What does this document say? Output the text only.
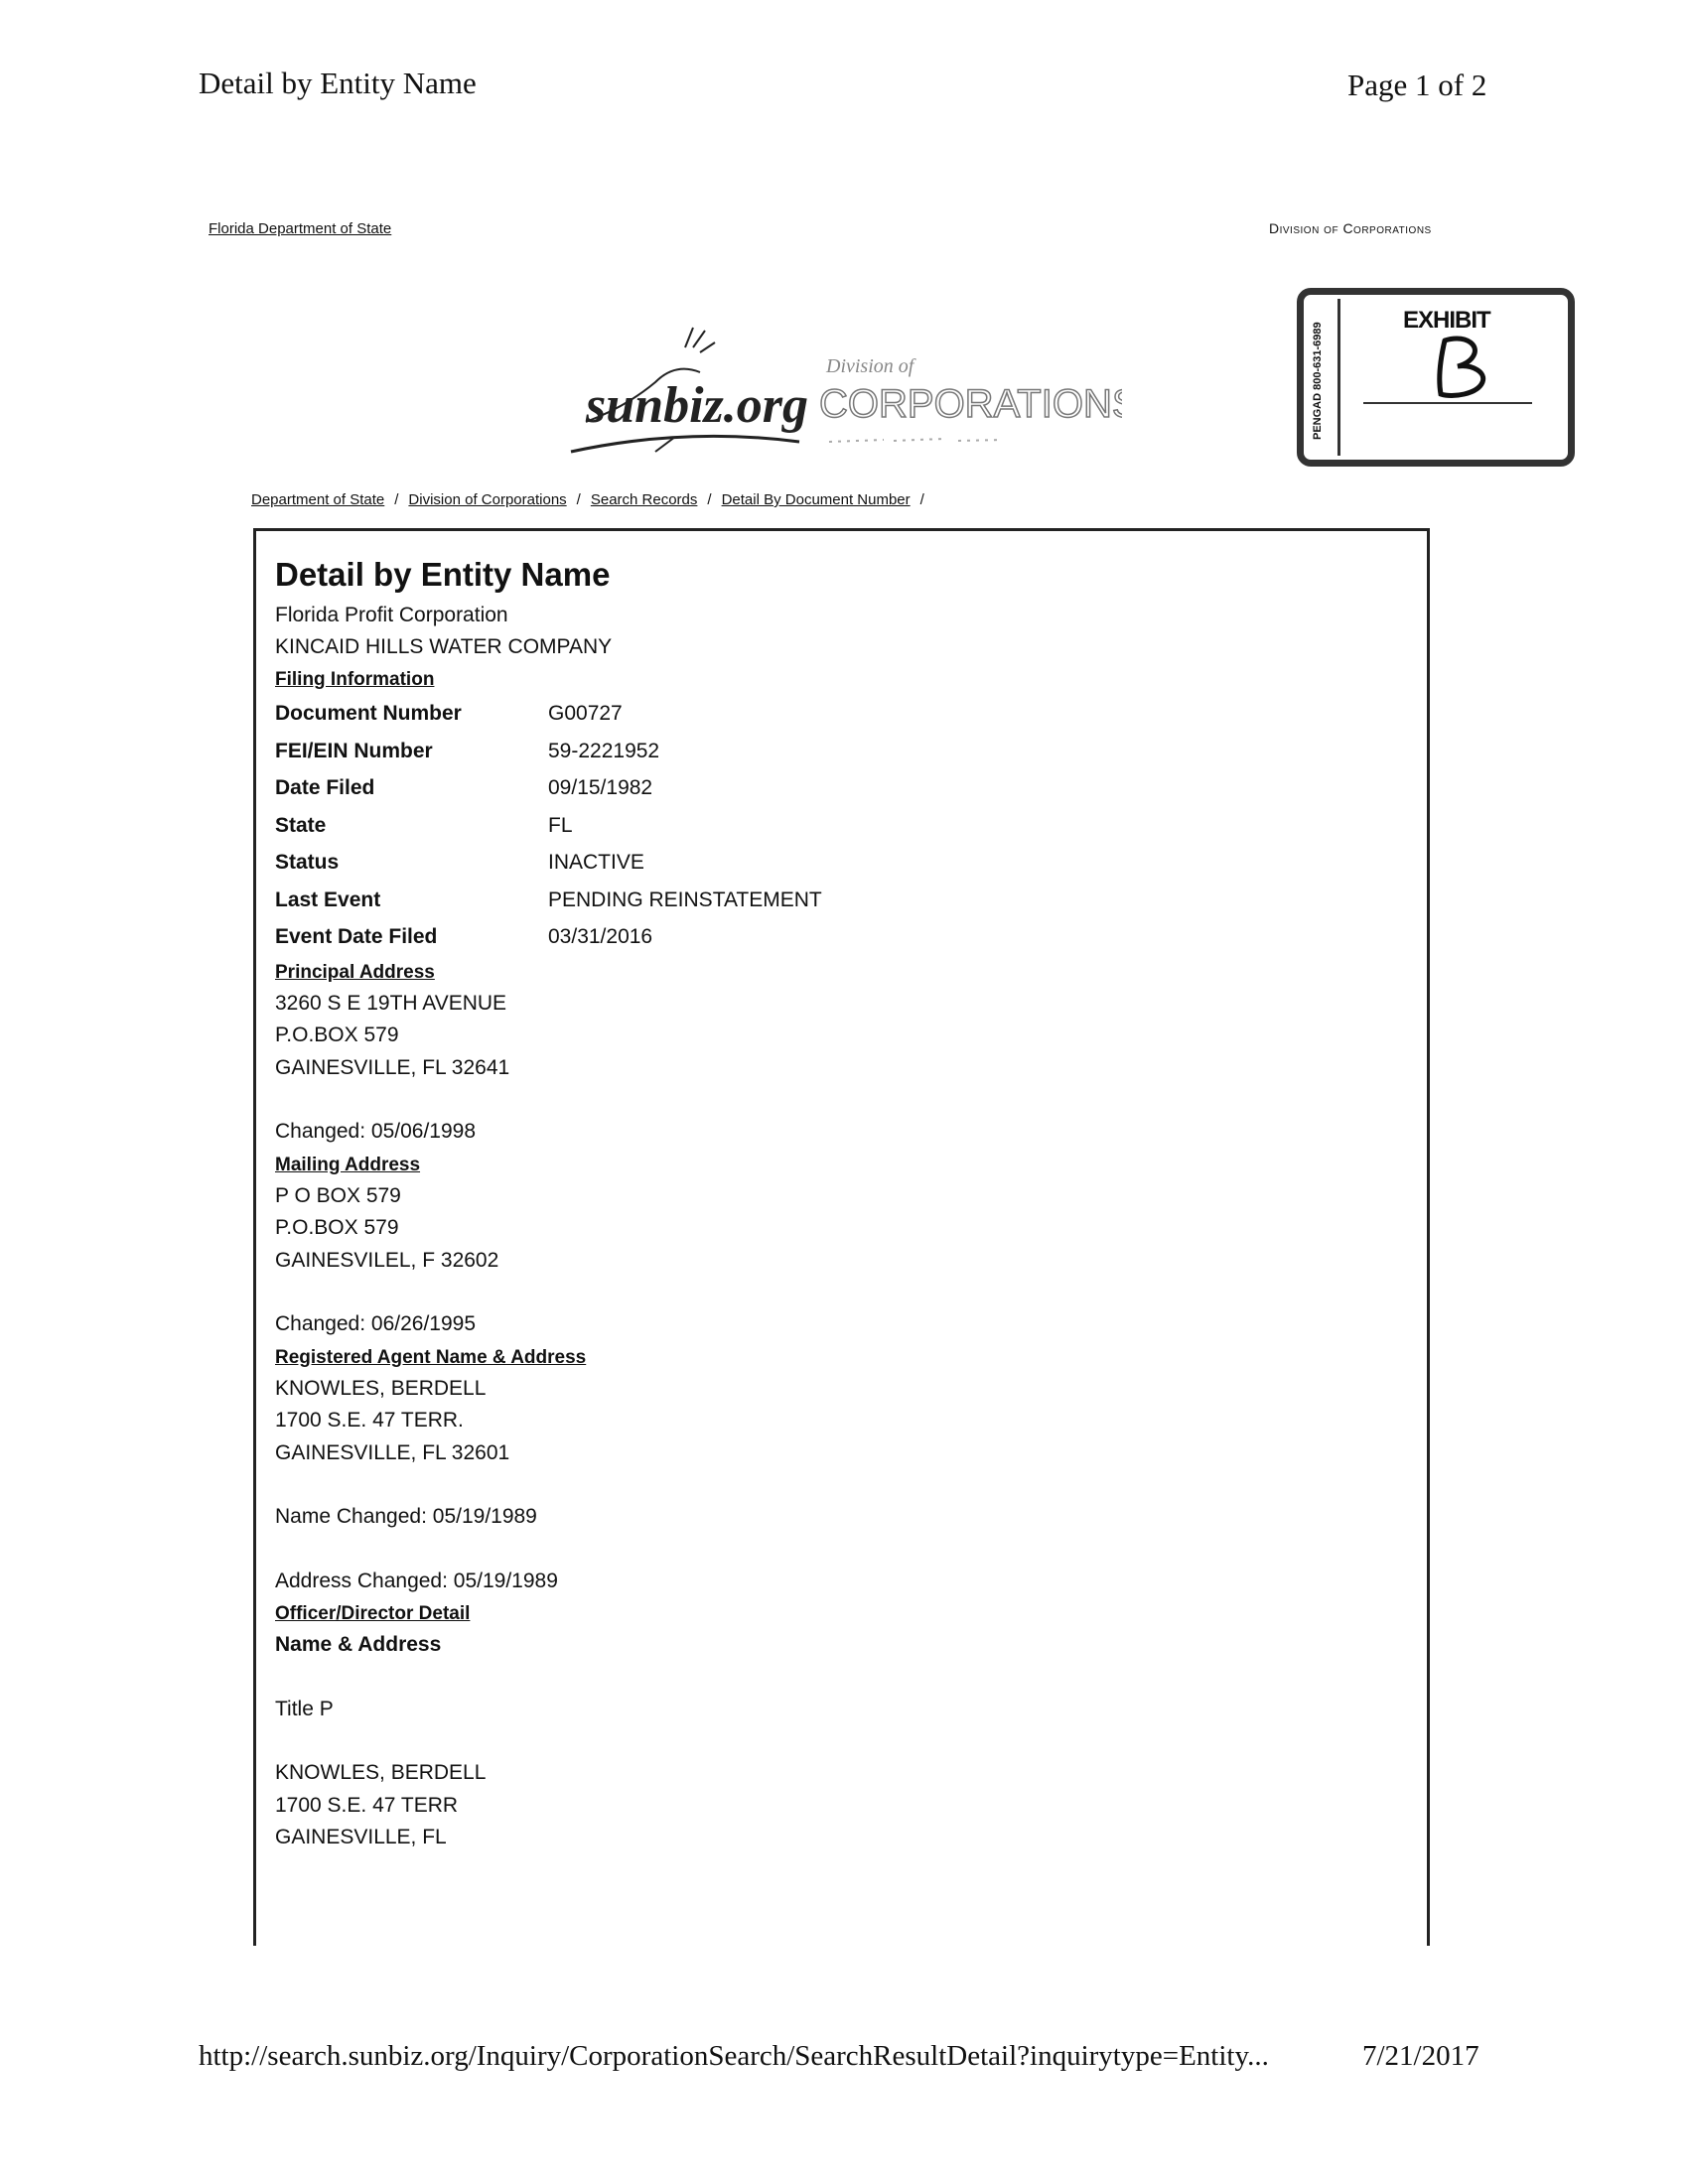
Detail by Entity Name	Page 1 of 2
Florida Department of State	Division of Corporations
sunbiz.org
Division of
CORPORATIONS	PENGAD 800-631-6989
EXHIBIT
Department of State / Division of Corporations / Search Records / Detail By Document Number /
Detail by Entity Name
Florida Profit Corporation
KINCAID HILLS WATER COMPANY
Filing Information
Document Number	G00727
FEI/EIN Number	59-2221952
Date Filed	09/15/1982
State	FL
Status	INACTIVE
Last Event	PENDING REINSTATEMENT
Event Date Filed	03/31/2016
Principal Address
3260 S E 19TH AVENUE
P.O.BOX 579
GAINESVILLE, FL 32641
Changed: 05/06/1998
Mailing Address
P O BOX 579
P.O.BOX 579
GAINESVILEL, F 32602
Changed: 06/26/1995
Registered Agent Name & Address
KNOWLES, BERDELL
1700 S.E. 47 TERR.
GAINESVILLE, FL 32601
Name Changed: 05/19/1989
Address Changed: 05/19/1989
Officer/Director Detail
Name & Address
Title P
KNOWLES, BERDELL
1700 S.E. 47 TERR
GAINESVILLE, FL
http://search.sunbiz.org/Inquiry/CorporationSearch/SearchResultDetail?inquirytype=Entity...	7/21/2017
